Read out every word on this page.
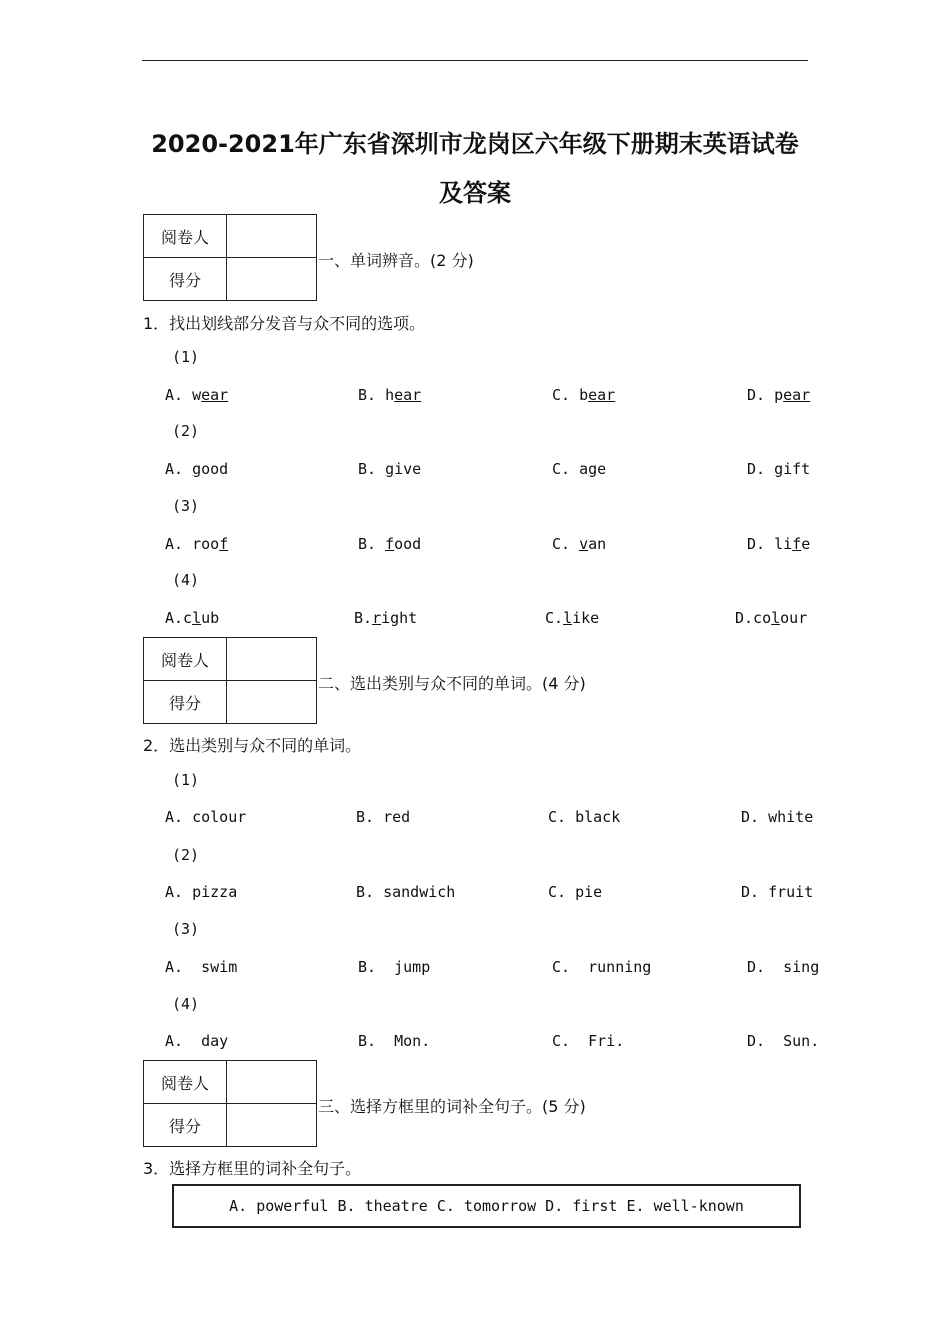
2020-2021年广东省深圳市龙岗区六年级下册期末英语试卷
及答案
阅卷人	
得分	
一、单词辨音。(2 分)
1．找出划线部分发音与众不同的选项。
(1)
A. wear	B. hear	C. bear	D. pear
(2)
A. good	B. give	C. age	D. gift
(3)
A. roof	B. food	C. van	D. life
(4)
A.club	B.right	C.like	D.colour
阅卷人	
得分	
二、选出类别与众不同的单词。(4 分)
2．选出类别与众不同的单词。
(1)
A. colour	B. red	C. black	D. white
(2)
A. pizza	B. sandwich	C. pie	D. fruit
(3)
A.  swim	B.  jump	C.  running	D.  sing
(4)
A.  day	B.  Mon.	C.  Fri.	D.  Sun.
阅卷人	
得分	
三、选择方框里的词补全句子。(5 分)
3．选择方框里的词补全句子。
A. powerful B. theatre C. tomorrow D. first E. well-known
